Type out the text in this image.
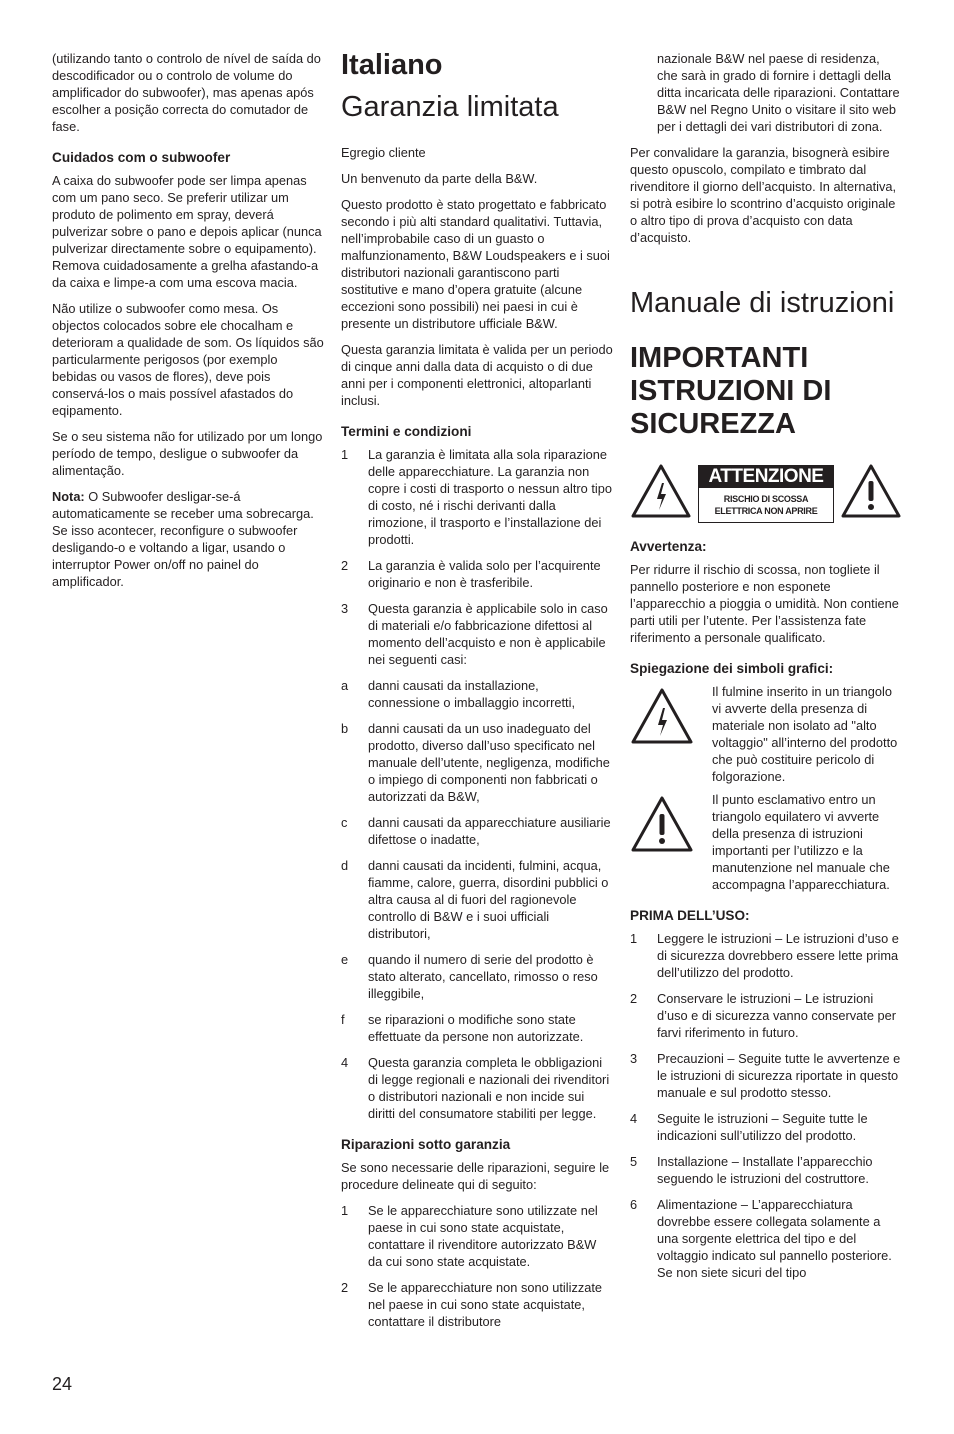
(utilizando tanto o controlo de nível de saída do descodificador ou o controlo de volume do amplificador do subwoofer), mas apenas após escolher a posição correcta do comutador de fase.

Cuidados com o subwoofer

A caixa do subwoofer pode ser limpa apenas com um pano seco. Se preferir utilizar um produto de polimento em spray, deverá pulverizar sobre o pano e depois aplicar (nunca pulverizar directamente sobre o equipamento). Remova cuidadosamente a grelha afastando-a da caixa e limpe-a com uma escova macia.

Não utilize o subwoofer como mesa. Os objectos colocados sobre ele chocalham e deterioram a qualidade de som. Os líquidos são particularmente perigosos (por exemplo bebidas ou vasos de flores), deve pois conservá-los o mais possível afastados do eqipamento.

Se o seu sistema não for utilizado por um longo período de tempo, desligue o subwoofer da alimentação.

Nota: O Subwoofer desligar-se-á automaticamente se receber uma sobrecarga. Se isso acontecer, reconfigure o subwoofer desligando-o e voltando a ligar, usando o interruptor Power on/off no painel do amplificador.

Italiano
Garanzia limitata

Egregio cliente

Un benvenuto da parte della B&W.

Questo prodotto è stato progettato e fabbricato secondo i più alti standard qualitativi. Tuttavia, nell’improbabile caso di un guasto o malfunzionamento, B&W Loudspeakers e i suoi distributori nazionali garantiscono parti sostitutive e mano d’opera gratuite (alcune eccezioni sono possibili) nei paesi in cui è presente un distributore ufficiale B&W.

Questa garanzia limitata è valida per un periodo di cinque anni dalla data di acquisto o di due anni per i componenti elettronici, altoparlanti inclusi.

Termini e condizioni
1	La garanzia è limitata alla sola riparazione delle apparecchiature. La garanzia non copre i costi di trasporto o nessun altro tipo di costo, né i rischi derivanti dalla rimozione, il trasporto e l’installazione dei prodotti.
2	La garanzia è valida solo per l’acquirente originario e non è trasferibile.
3	Questa garanzia è applicabile solo in caso di materiali e/o fabbricazione difettosi al momento dell’acquisto e non è applicabile nei seguenti casi:
a	danni causati da installazione, connessione o imballaggio incorretti,
b	danni causati da un uso inadeguato del prodotto, diverso dall’uso specificato nel manuale dell’utente, negligenza, modifiche o impiego di componenti non fabbricati o autorizzati da B&W,
c	danni causati da apparecchiature ausiliarie difettose o inadatte,
d	danni causati da incidenti, fulmini, acqua, fiamme, calore, guerra, disordini pubblici o altra causa al di fuori del ragionevole controllo di B&W e i suoi ufficiali distributori,
e	quando il numero di serie del prodotto è stato alterato, cancellato, rimosso o reso illeggibile,
f	se riparazioni o modifiche sono state effettuate da persone non autorizzate.
4	Questa garanzia completa le obbligazioni di legge regionali e nazionali dei rivenditori o distributori nazionali e non incide sui diritti del consumatore stabiliti per legge.
Riparazioni sotto garanzia

Se sono necessarie delle riparazioni, seguire le procedure delineate qui di seguito:

1	Se le apparecchiature sono utilizzate nel paese in cui sono state acquistate, contattare il rivenditore autorizzato B&W da cui sono state acquistate.
2	Se le apparecchiature non sono utilizzate nel paese in cui sono state acquistate, contattare il distributore

nazionale B&W nel paese di residenza, che sarà in grado di fornire i dettagli della ditta incaricata delle riparazioni. Contattare B&W nel Regno Unito o visitare il sito web per i dettagli dei vari distributori di zona.

Per convalidare la garanzia, bisognerà esibire questo opuscolo, compilato e timbrato dal rivenditore il giorno dell’acquisto. In alternativa, si potrà esibire lo scontrino d’acquisto originale o altro tipo di prova d’acquisto con data d’acquisto.

Manuale di istruzioni
IMPORTANTI ISTRUZIONI DI SICUREZZA
ATTENZIONE
RISCHIO DI SCOSSA ELETTRICA NON APRIRE
Avvertenza:

Per ridurre il rischio di scossa, non togliete il pannello posteriore e non esponete l’apparecchio a pioggia o umidità. Non contiene parti utili per l’utente. Per l’assistenza fate riferimento a personale qualificato.

Spiegazione dei simboli grafici:

Il fulmine inserito in un triangolo vi avverte della presenza di materiale non isolato ad "alto voltaggio" all’interno del prodotto che può costituire pericolo di folgorazione.

Il punto esclamativo entro un triangolo equilatero vi avverte della presenza di istruzioni importanti per l’utilizzo e la manutenzione nel manuale che accompagna l’apparecchiatura.

PRIMA DELL’USO:
1	Leggere le istruzioni – Le istruzioni d’uso e di sicurezza dovrebbero essere lette prima dell’utilizzo del prodotto.
2	Conservare le istruzioni – Le istruzioni d’uso e di sicurezza vanno conservate per farvi riferimento in futuro.
3	Precauzioni – Seguite tutte le avvertenze e le istruzioni di sicurezza riportate in questo manuale e sul prodotto stesso.
4	Seguite le istruzioni – Seguite tutte le indicazioni sull’utilizzo del prodotto.
5	Installazione – Installate l’apparecchio seguendo le istruzioni del costruttore.
6	Alimentazione – L’apparecchiatura dovrebbe essere collegata solamente a una sorgente elettrica del tipo e del voltaggio indicato sul pannello posteriore. Se non siete sicuri del tipo
24
